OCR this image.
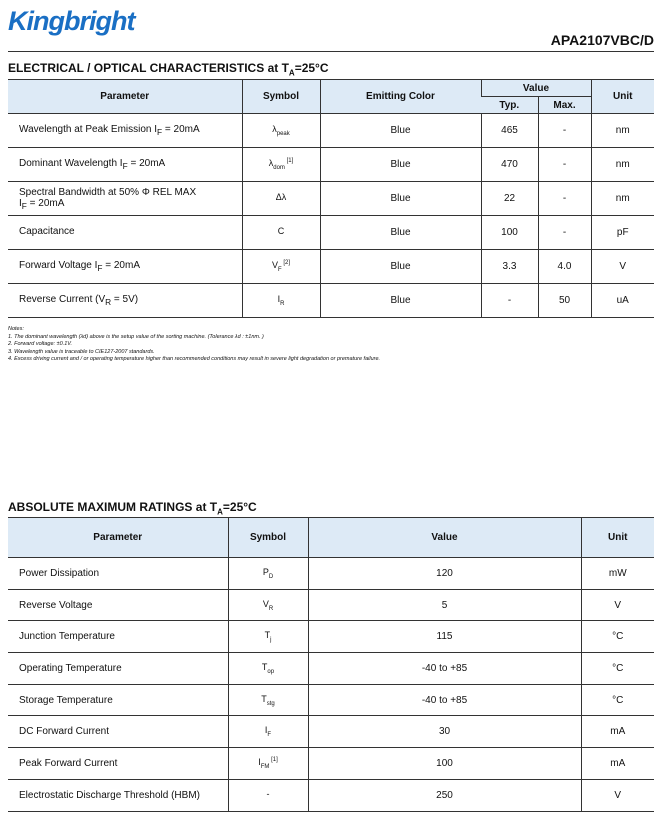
Kingbright
APA2107VBC/D
ELECTRICAL / OPTICAL CHARACTERISTICS at $T_A=25^\circ C$
Parameter	Symbol	Emitting Color	Value		Unit
			Typ.	Max.	
Wavelength at Peak Emission $I_F = 20mA$	$\lambda_{peak}$	Blue	465	-	nm
Dominant Wavelength $I_F = 20mA$	$\lambda_{dom}$ [1]	Blue	470	-	nm
Spectral Bandwidth at 50% Φ REL MAX
$I_F = 20mA$	Δλ	Blue	22	-	nm
Capacitance	C	Blue	100	-	pF
Forward Voltage $I_F = 20mA$	$V_F$ [2]	Blue	3.3	4.0	V
Reverse Current $(V_R = 5V)$	$I_R$	Blue	-	50	uA
Notes:
1. The dominant wavelength (λd) above is the setup value of the sorting machine. (Tolerance λd : ±1nm. )
2. Forward voltage: ±0.1V.
3. Wavelength value is traceable to CIE127-2007 standards.
4. Excess driving current and / or operating temperature higher than recommended conditions may result in severe light degradation or premature failure.
ABSOLUTE MAXIMUM RATINGS at $T_A=25^\circ C$
Parameter	Symbol	Value	Unit
Power Dissipation	$P_D$	120	mW
Reverse Voltage	$V_R$	5	V
Junction Temperature	$T_j$	115	°C
Operating Temperature	$T_{op}$	-40 to +85	°C
Storage Temperature	$T_{stg}$	-40 to +85	°C
DC Forward Current	$I_F$	30	mA
Peak Forward Current	$I_{FM}$ [1]	100	mA
Electrostatic Discharge Threshold (HBM)	-	250	V
